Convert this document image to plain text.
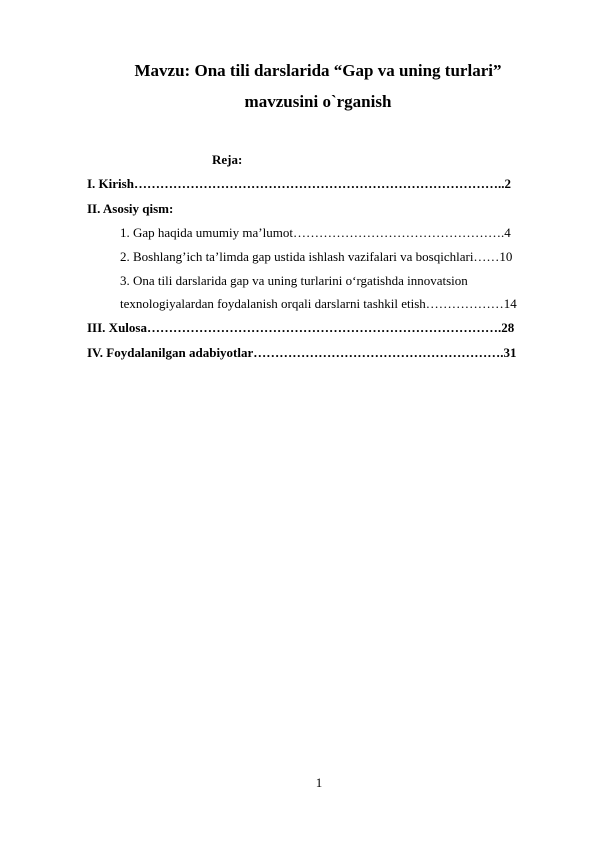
Mavzu: Ona tili darslarida “Gap va uning turlari”
mavzusini o`rganish
Reja:
I. Kirish…………………………………………………………………………..2
II. Asosiy qism:
1. Gap haqida umumiy ma’lumot………………………………………….4
2. Boshlang’ich ta’limda gap ustida ishlash vazifalari va bosqichlari……10
3. Ona tili darslarida gap va uning turlarini o‘rgatishda innovatsion
texnologiyalardan foydalanish orqali darslarni tashkil etish………………14
III. Xulosa……………………………………………………………………….28
IV. Foydalanilgan adabiyotlar………………………………………………….31
1
